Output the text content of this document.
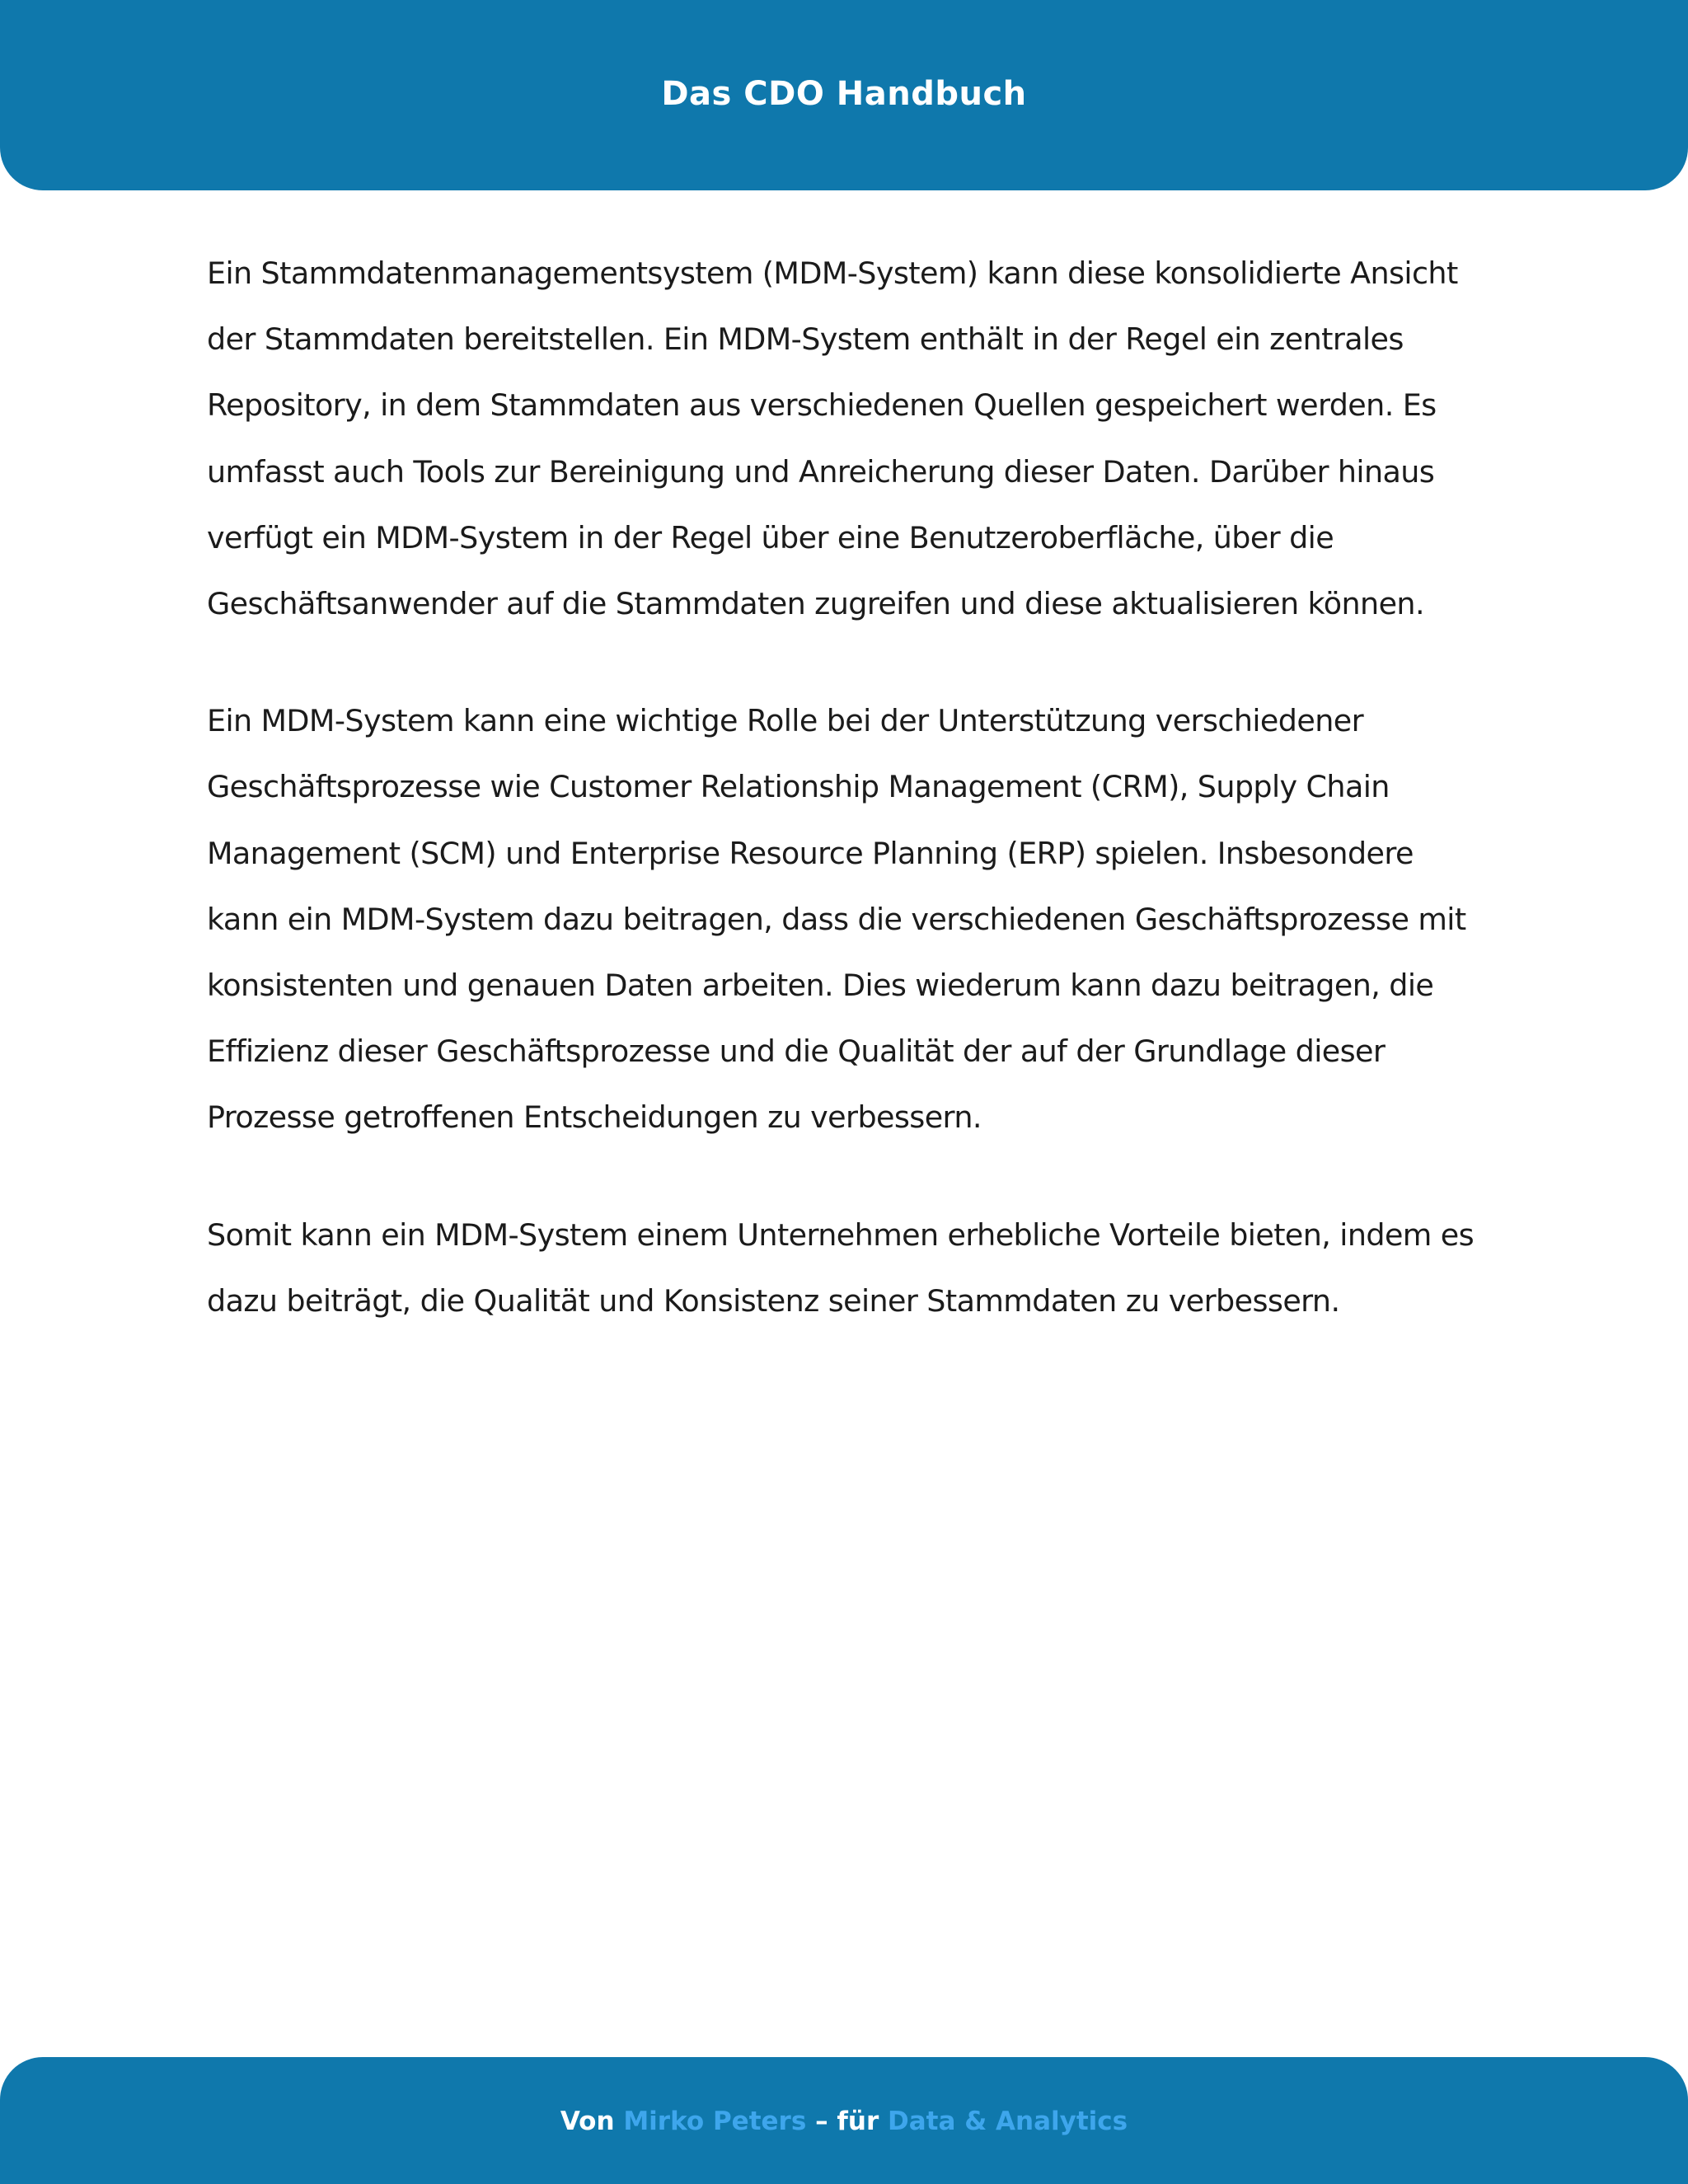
Das CDO Handbuch

Ein Stammdatenmanagementsystem (MDM-System) kann diese konsolidierte Ansicht der Stammdaten bereitstellen. Ein MDM-System enthält in der Regel ein zentrales Repository, in dem Stammdaten aus verschiedenen Quellen gespeichert werden. Es umfasst auch Tools zur Bereinigung und Anreicherung dieser Daten. Darüber hinaus verfügt ein MDM-System in der Regel über eine Benutzeroberfläche, über die Geschäftsanwender auf die Stammdaten zugreifen und diese aktualisieren können.

Ein MDM-System kann eine wichtige Rolle bei der Unterstützung verschiedener Geschäftsprozesse wie Customer Relationship Management (CRM), Supply Chain Management (SCM) und Enterprise Resource Planning (ERP) spielen. Insbesondere kann ein MDM-System dazu beitragen, dass die verschiedenen Geschäftsprozesse mit konsistenten und genauen Daten arbeiten. Dies wiederum kann dazu beitragen, die Effizienz dieser Geschäftsprozesse und die Qualität der auf der Grundlage dieser Prozesse getroffenen Entscheidungen zu verbessern.

Somit kann ein MDM-System einem Unternehmen erhebliche Vorteile bieten, indem es dazu beiträgt, die Qualität und Konsistenz seiner Stammdaten zu verbessern.

Von Mirko Peters – für Data & Analytics
